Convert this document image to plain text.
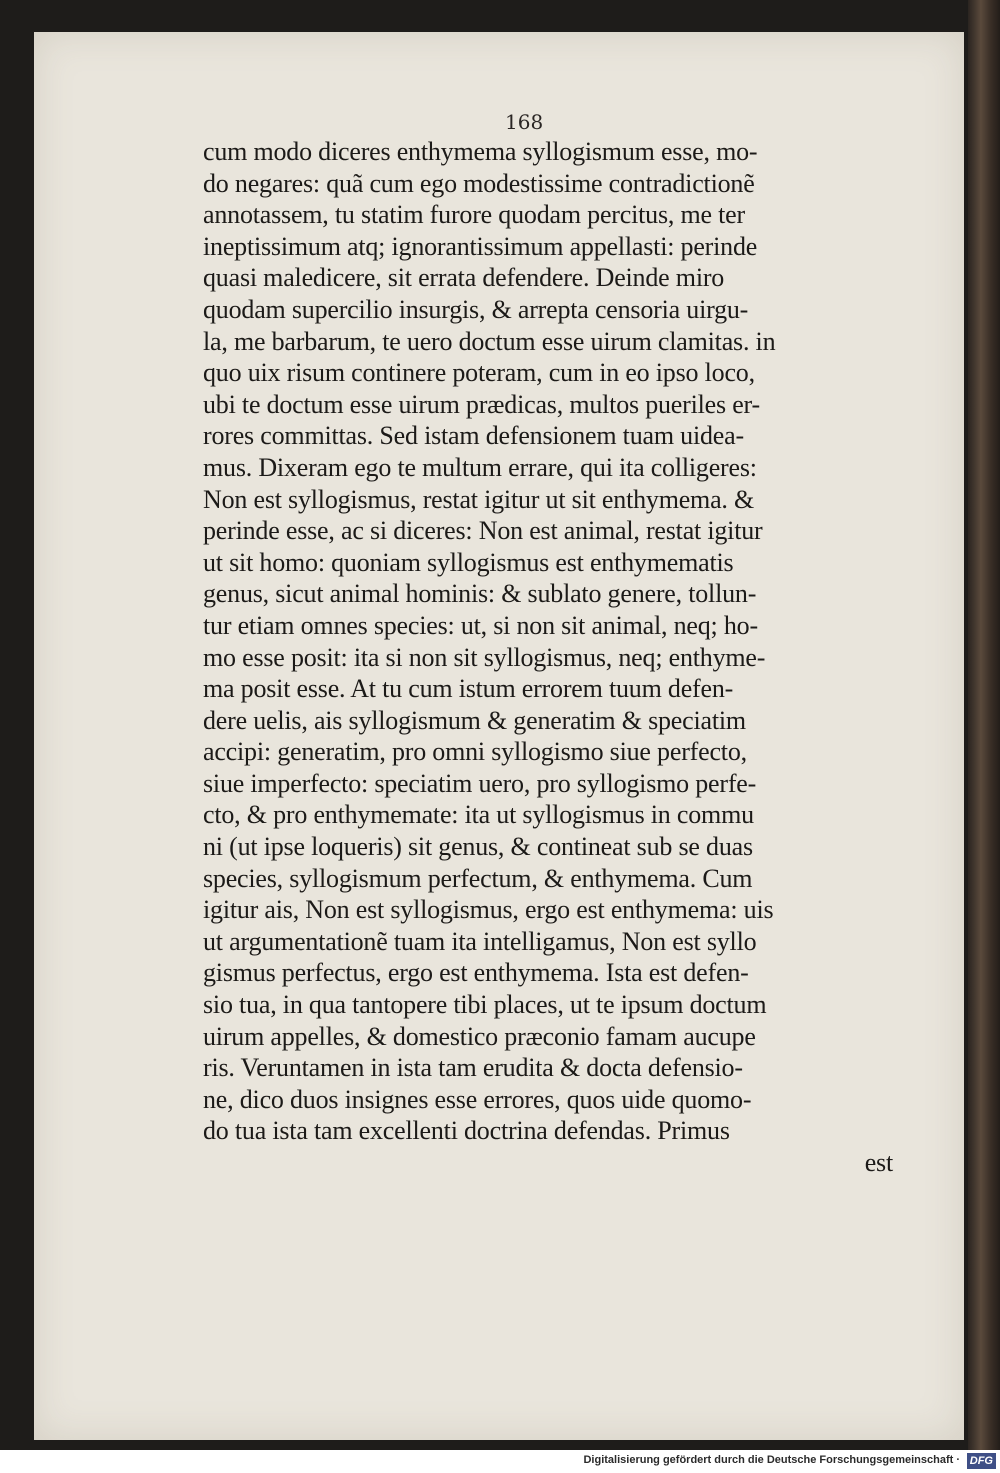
168
cum modo diceres enthymema syllogismum esse, mo-
do negares: quã cum ego modestissime contradictionẽ
annotassem, tu statim furore quodam percitus, me ter
ineptissimum atq; ignorantissimum appellasti: perinde
quasi maledicere, sit errata defendere. Deinde miro
quodam supercilio insurgis, & arrepta censoria uirgu-
la, me barbarum, te uero doctum esse uirum clamitas. in
quo uix risum continere poteram, cum in eo ipso loco,
ubi te doctum esse uirum prædicas, multos pueriles er-
rores committas. Sed istam defensionem tuam uidea-
mus. Dixeram ego te multum errare, qui ita colligeres:
Non est syllogismus, restat igitur ut sit enthymema. &
perinde esse, ac si diceres: Non est animal, restat igitur
ut sit homo: quoniam syllogismus est enthymematis
genus, sicut animal hominis: & sublato genere, tollun-
tur etiam omnes species: ut, si non sit animal, neq; ho-
mo esse posit: ita si non sit syllogismus, neq; enthyme-
ma posit esse. At tu cum istum errorem tuum defen-
dere uelis, ais syllogismum & generatim & speciatim
accipi: generatim, pro omni syllogismo siue perfecto,
siue imperfecto: speciatim uero, pro syllogismo perfe-
cto, & pro enthymemate: ita ut syllogismus in commu
ni (ut ipse loqueris) sit genus, & contineat sub se duas
species, syllogismum perfectum, & enthymema. Cum
igitur ais, Non est syllogismus, ergo est enthymema: uis
ut argumentationẽ tuam ita intelligamus, Non est syllo
gismus perfectus, ergo est enthymema. Ista est defen-
sio tua, in qua tantopere tibi places, ut te ipsum doctum
uirum appelles, & domestico præconio famam aucupe
ris. Veruntamen in ista tam erudita & docta defensio-
ne, dico duos insignes esse errores, quos uide quomo-
do tua ista tam excellenti doctrina defendas. Primus
est
Digitalisierung gefördert durch die Deutsche Forschungsgemeinschaft · DFG
